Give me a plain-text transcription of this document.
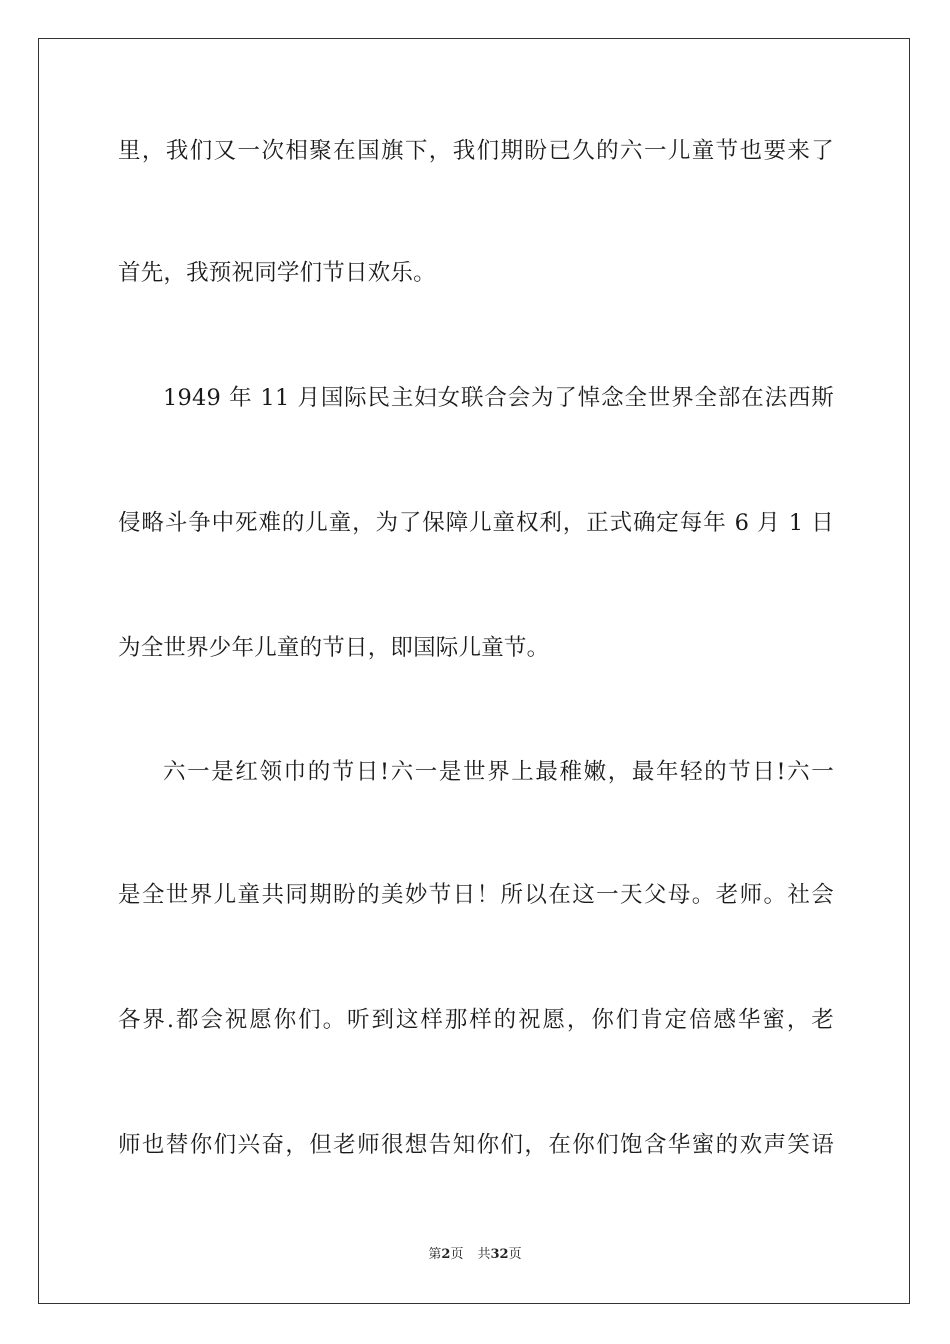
里，我们又一次相聚在国旗下，我们期盼已久的六一儿童节也要来了
首先，我预祝同学们节日欢乐。
1949 年 11 月国际民主妇女联合会为了悼念全世界全部在法西斯
侵略斗争中死难的儿童，为了保障儿童权利，正式确定每年 6 月 1 日
为全世界少年儿童的节日，即国际儿童节。
六一是红领巾的节日!六一是世界上最稚嫩，最年轻的节日!六一
是全世界儿童共同期盼的美妙节日！所以在这一天父母。老师。社会
各界.都会祝愿你们。听到这样那样的祝愿，你们肯定倍感华蜜，老
师也替你们兴奋，但老师很想告知你们，在你们饱含华蜜的欢声笑语
第2页 共32页
